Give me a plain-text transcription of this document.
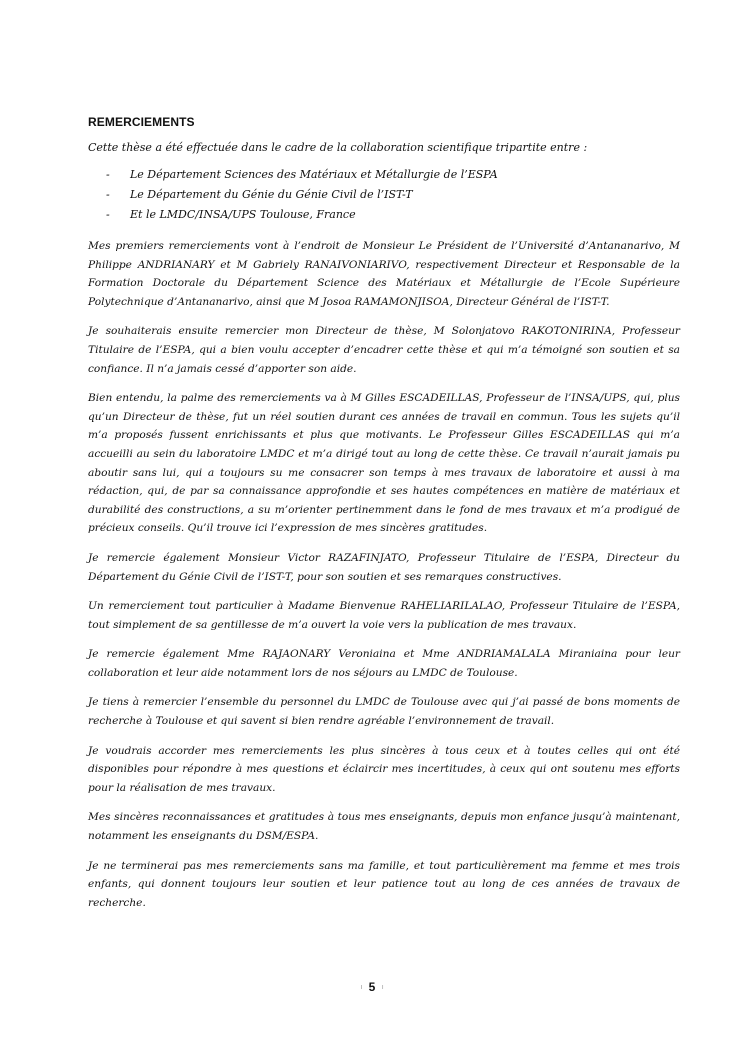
REMERCIEMENTS

Cette thèse a été effectuée dans le cadre de la collaboration scientifique tripartite entre :

- Le Département Sciences des Matériaux et Métallurgie de l’ESPA
- Le Département du Génie du Génie Civil de l’IST-T
- Et le LMDC/INSA/UPS Toulouse, France

Mes premiers remerciements vont à l’endroit de Monsieur Le Président de l’Université d’Antananarivo, M Philippe ANDRIANARY et M Gabriely RANAIVONIARIVO, respectivement Directeur et Responsable de la Formation Doctorale du Département Science des Matériaux et Métallurgie de l’Ecole Supérieure Polytechnique d’Antananarivo, ainsi que M Josoa RAMAMONJISOA, Directeur Général de l’IST-T.

Je souhaiterais ensuite remercier mon Directeur de thèse, M Solonjatovo RAKOTONIRINA, Professeur Titulaire de l’ESPA, qui a bien voulu accepter d’encadrer cette thèse et qui m’a témoigné son soutien et sa confiance. Il n’a jamais cessé d’apporter son aide.

Bien entendu, la palme des remerciements va à M Gilles ESCADEILLAS, Professeur de l’INSA/UPS, qui, plus qu’un Directeur de thèse, fut un réel soutien durant ces années de travail en commun. Tous les sujets qu’il m’a proposés fussent enrichissants et plus que motivants. Le Professeur Gilles ESCADEILLAS qui m’a accueilli au sein du laboratoire LMDC et m’a dirigé tout au long de cette thèse. Ce travail n’aurait jamais pu aboutir sans lui, qui a toujours su me consacrer son temps à mes travaux de laboratoire et aussi à ma rédaction, qui, de par sa connaissance approfondie et ses hautes compétences en matière de matériaux et durabilité des constructions, a su m’orienter pertinemment dans le fond de mes travaux et m’a prodigué de précieux conseils. Qu’il trouve ici l’expression de mes sincères gratitudes.

Je remercie également Monsieur Victor RAZAFINJATO, Professeur Titulaire de l’ESPA, Directeur du Département du Génie Civil de l’IST-T, pour son soutien et ses remarques constructives.

Un remerciement tout particulier à Madame Bienvenue RAHELIARILALAO, Professeur Titulaire de l’ESPA, tout simplement de sa gentillesse de m’a ouvert la voie vers la publication de mes travaux.

Je remercie également Mme RAJAONARY Veroniaina et Mme ANDRIAMALALA Miraniaina pour leur collaboration et leur aide notamment lors de nos séjours au LMDC de Toulouse.

Je tiens à remercier l’ensemble du personnel du LMDC de Toulouse avec qui j’ai passé de bons moments de recherche à Toulouse et qui savent si bien rendre agréable l’environnement de travail.

Je voudrais accorder mes remerciements les plus sincères à tous ceux et à toutes celles qui ont été disponibles pour répondre à mes questions et éclaircir mes incertitudes, à ceux qui ont soutenu mes efforts pour la réalisation de mes travaux.

Mes sincères reconnaissances et gratitudes à tous mes enseignants, depuis mon enfance jusqu’à maintenant, notamment les enseignants du DSM/ESPA.

Je ne terminerai pas mes remerciements sans ma famille, et tout particulièrement ma femme et mes trois enfants, qui donnent toujours leur soutien et leur patience tout au long de ces années de travaux de recherche.

ı 5 ı
